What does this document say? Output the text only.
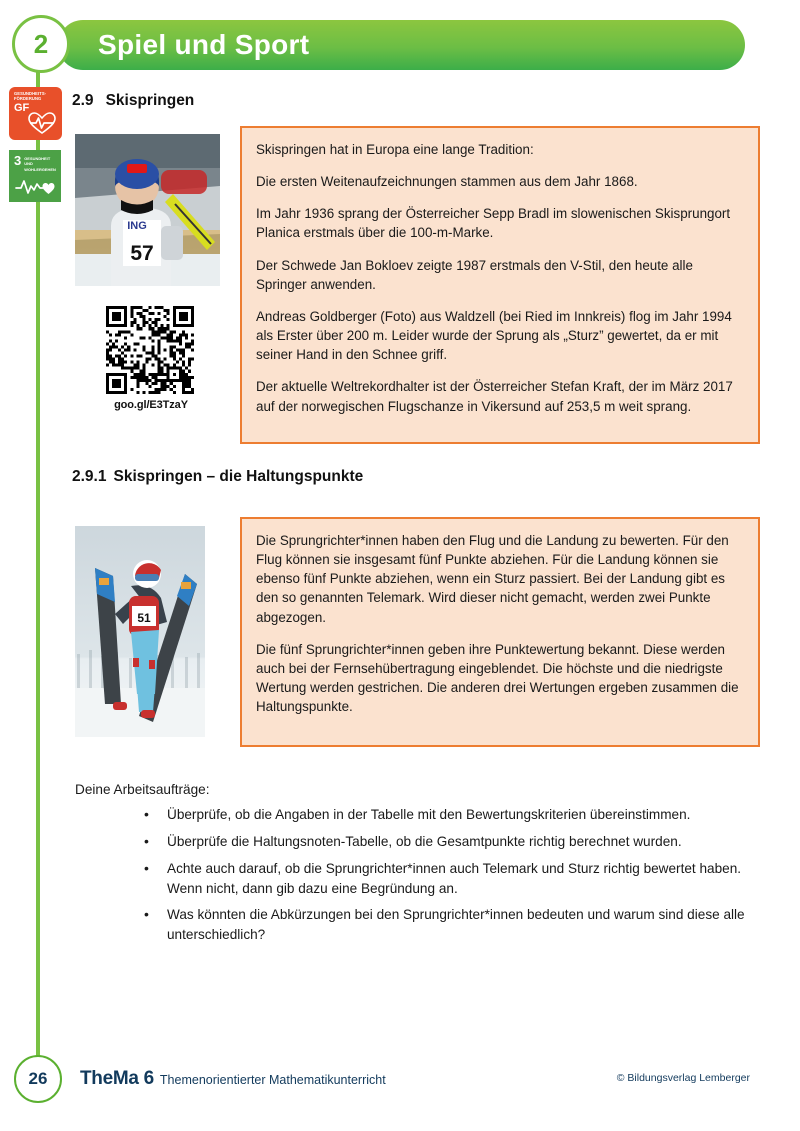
2 Spiel und Sport
GESUNDHEITS-
FÖRDERUNG
GF
3 GESUNDHEIT UND
WOHLERGEHEN
2.9 Skispringen
57
ING
goo.gl/E3TzaY

Skispringen hat in Europa eine lange Tradition:

Die ersten Weitenaufzeichnungen stammen aus dem Jahr 1868.

Im Jahr 1936 sprang der Österreicher Sepp Bradl im slowenischen Skisprungort Planica erstmals über die 100-m-Marke.

Der Schwede Jan Bokloev zeigte 1987 erstmals den V-Stil, den heute alle Springer anwenden.

Andreas Goldberger (Foto) aus Waldzell (bei Ried im Innkreis) flog im Jahr 1994 als Erster über 200 m. Leider wurde der Sprung als „Sturz” gewertet, da er mit seiner Hand in den Schnee griff.

Der aktuelle Weltrekordhalter ist der Österreicher Stefan Kraft, der im März 2017 auf der norwegischen Flugschanze in Vikersund auf 253,5 m weit sprang.

2.9.1 Skispringen – die Haltungspunkte
51

Die Sprungrichter*innen haben den Flug und die Landung zu bewerten. Für den Flug können sie insgesamt fünf Punkte abziehen. Für die Landung können sie ebenso fünf Punkte abziehen, wenn ein Sturz passiert. Bei der Landung gibt es den so genannten Telemark. Wird dieser nicht gemacht, werden zwei Punkte abgezogen.

Die fünf Sprungrichter*innen geben ihre Punktewertung bekannt. Diese werden auch bei der Fernsehübertragung eingeblendet. Die höchste und die niedrigste Wertung werden gestrichen. Die anderen drei Wertungen ergeben zusammen die Haltungspunkte.

Deine Arbeitsaufträge:
• Überprüfe, ob die Angaben in der Tabelle mit den Bewertungskriterien übereinstimmen.
• Überprüfe die Haltungsnoten-Tabelle, ob die Gesamtpunkte richtig berechnet wurden.
• Achte auch darauf, ob die Sprungrichter*innen auch Telemark und Sturz richtig bewertet haben. Wenn nicht, dann gib dazu eine Begründung an.
• Was könnten die Abkürzungen bei den Sprungrichter*innen bedeuten und warum sind diese alle unterschiedlich?
26 TheMa 6 Themenorientierter Mathematikunterricht	© Bildungsverlag Lemberger
